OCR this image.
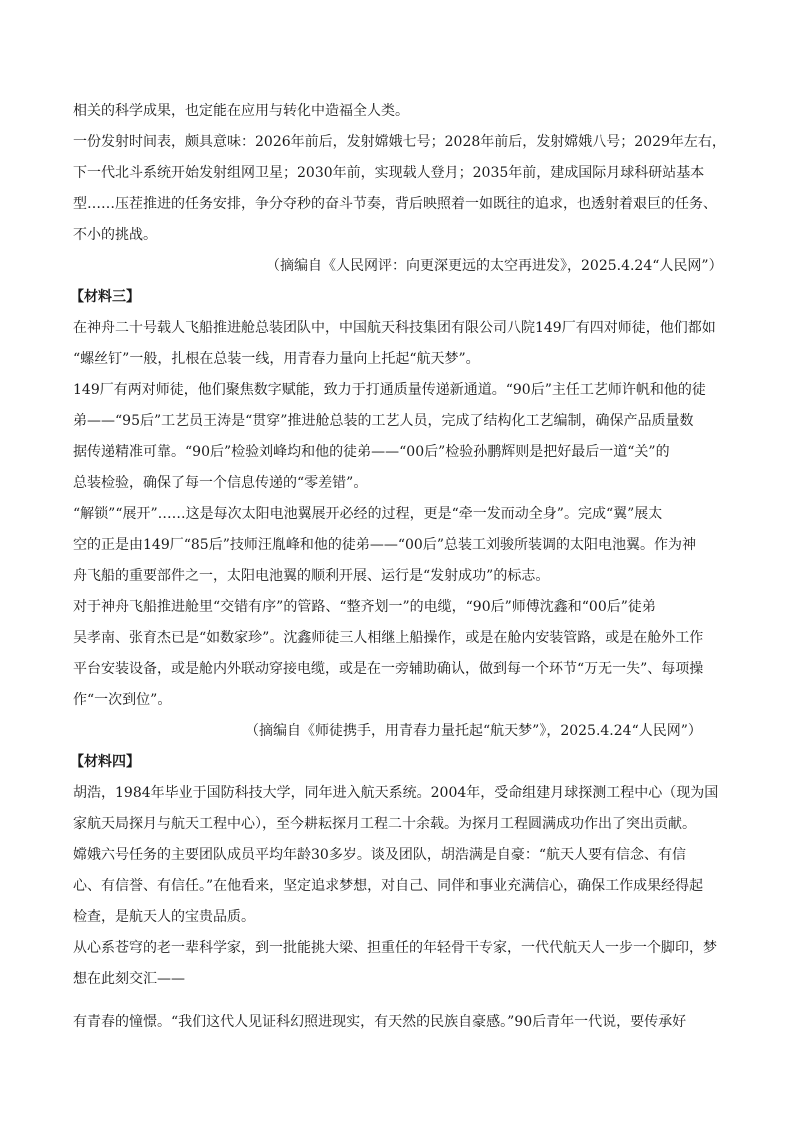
相关的科学成果，也定能在应用与转化中造福全人类。
一份发射时间表，颇具意味：2026年前后，发射嫦娥七号；2028年前后，发射嫦娥八号；2029年左右，
下一代北斗系统开始发射组网卫星；2030年前，实现载人登月；2035年前，建成国际月球科研站基本
型……压茬推进的任务安排，争分夺秒的奋斗节奏，背后映照着一如既往的追求，也透射着艰巨的任务、
不小的挑战。
（摘编自《人民网评：向更深更远的太空再进发》，2025.4.24“人民网”）
【材料三】
在神舟二十号载人飞船推进舱总装团队中，中国航天科技集团有限公司八院149厂有四对师徒，他们都如
“螺丝钉”一般，扎根在总装一线，用青春力量向上托起“航天梦”。
149厂有两对师徒，他们聚焦数字赋能，致力于打通质量传递新通道。“90后”主任工艺师许帆和他的徒
弟——“95后”工艺员王涛是“贯穿”推进舱总装的工艺人员，完成了结构化工艺编制，确保产品质量数
据传递精准可靠。“90后”检验刘峰均和他的徒弟——“00后”检验孙鹏辉则是把好最后一道“关”的
总装检验，确保了每一个信息传递的“零差错”。
“解锁”“展开”……这是每次太阳电池翼展开必经的过程，更是“牵一发而动全身”。完成“翼”展太
空的正是由149厂“85后”技师汪胤峰和他的徒弟——“00后”总装工刘骏所装调的太阳电池翼。作为神
舟飞船的重要部件之一，太阳电池翼的顺利开展、运行是“发射成功”的标志。
对于神舟飞船推进舱里“交错有序”的管路、“整齐划一”的电缆，“90后”师傅沈鑫和“00后”徒弟
吴孝南、张育杰已是“如数家珍”。沈鑫师徒三人相继上船操作，或是在舱内安装管路，或是在舱外工作
平台安装设备，或是舱内外联动穿接电缆，或是在一旁辅助确认，做到每一个环节“万无一失”、每项操
作“一次到位”。
（摘编自《师徒携手，用青春力量托起“航天梦”》，2025.4.24“人民网”）
【材料四】
胡浩，1984年毕业于国防科技大学，同年进入航天系统。2004年，受命组建月球探测工程中心（现为国
家航天局探月与航天工程中心），至今耕耘探月工程二十余载。为探月工程圆满成功作出了突出贡献。
嫦娥六号任务的主要团队成员平均年龄30多岁。谈及团队，胡浩满是自豪：“航天人要有信念、有信
心、有信誉、有信任。”在他看来，坚定追求梦想，对自己、同伴和事业充满信心，确保工作成果经得起
检查，是航天人的宝贵品质。
从心系苍穹的老一辈科学家，到一批能挑大梁、担重任的年轻骨干专家，一代代航天人一步一个脚印，梦
想在此刻交汇——
有青春的憧憬。“我们这代人见证科幻照进现实，有天然的民族自豪感。”90后青年一代说，要传承好
